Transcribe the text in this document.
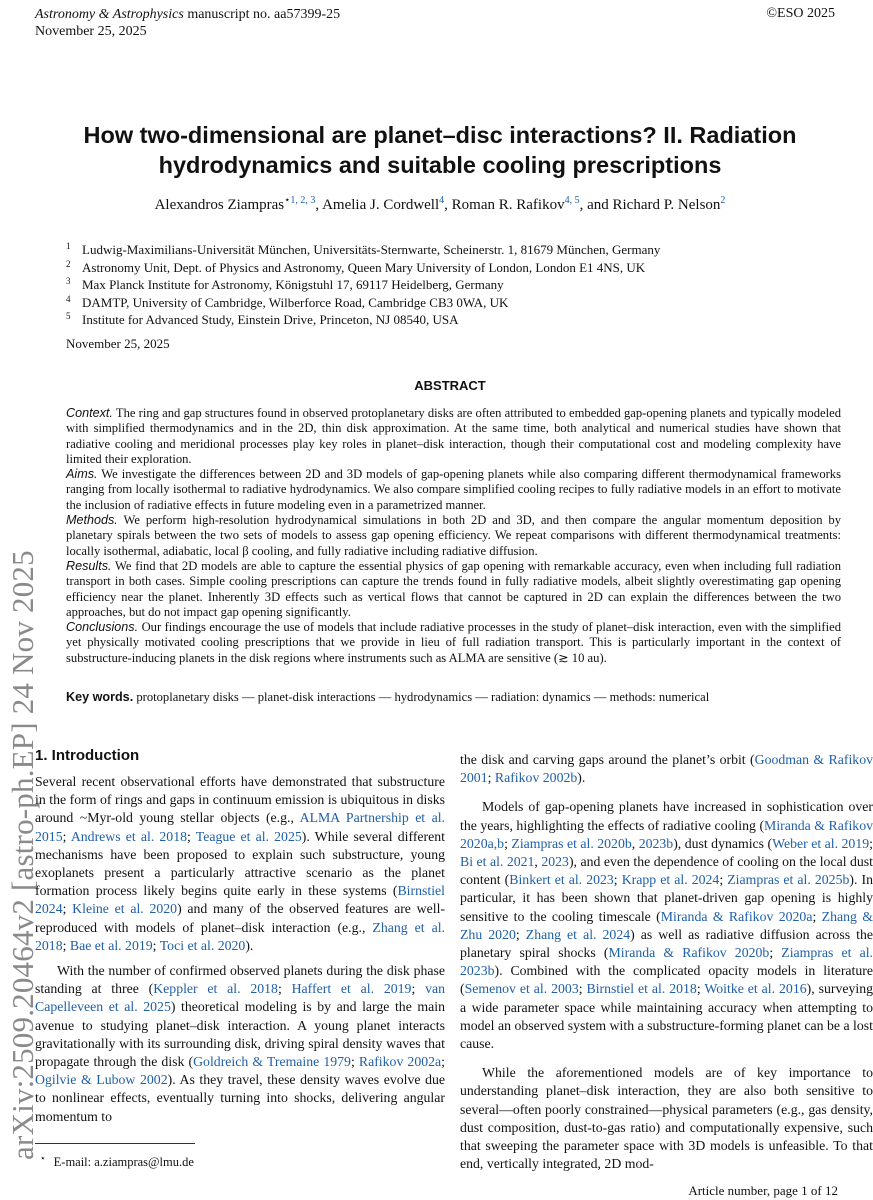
Astronomy & Astrophysics manuscript no. aa57399-25
November 25, 2025
©ESO 2025
How two-dimensional are planet–disc interactions? II. Radiation
hydrodynamics and suitable cooling prescriptions
Alexandros Ziampras$^{⋆1, 2, 3}$, Amelia J. Cordwell$^4$, Roman R. Rafikov$^{4, 5}$, and Richard P. Nelson$^2$
1 Ludwig-Maximilians-Universität München, Universitäts-Sternwarte, Scheinerstr. 1, 81679 München, Germany
2 Astronomy Unit, Dept. of Physics and Astronomy, Queen Mary University of London, London E1 4NS, UK
3 Max Planck Institute for Astronomy, Königstuhl 17, 69117 Heidelberg, Germany
4 DAMTP, University of Cambridge, Wilberforce Road, Cambridge CB3 0WA, UK
5 Institute for Advanced Study, Einstein Drive, Princeton, NJ 08540, USA
November 25, 2025
ABSTRACT

Context. The ring and gap structures found in observed protoplanetary disks are often attributed to embedded gap-opening planets and typically modeled with simplified thermodynamics and in the 2D, thin disk approximation. At the same time, both analytical and numerical studies have shown that radiative cooling and meridional processes play key roles in planet–disk interaction, though their computational cost and modeling complexity have limited their exploration.

Aims. We investigate the differences between 2D and 3D models of gap-opening planets while also comparing different thermodynamical frameworks ranging from locally isothermal to radiative hydrodynamics. We also compare simplified cooling recipes to fully radiative models in an effort to motivate the inclusion of radiative effects in future modeling even in a parametrized manner.

Methods. We perform high-resolution hydrodynamical simulations in both 2D and 3D, and then compare the angular momentum deposition by planetary spirals between the two sets of models to assess gap opening efficiency. We repeat comparisons with different thermodynamical treatments: locally isothermal, adiabatic, local β cooling, and fully radiative including radiative diffusion.

Results. We find that 2D models are able to capture the essential physics of gap opening with remarkable accuracy, even when including full radiation transport in both cases. Simple cooling prescriptions can capture the trends found in fully radiative models, albeit slightly overestimating gap opening efficiency near the planet. Inherently 3D effects such as vertical flows that cannot be captured in 2D can explain the differences between the two approaches, but do not impact gap opening significantly.

Conclusions. Our findings encourage the use of models that include radiative processes in the study of planet–disk interaction, even with the simplified yet physically motivated cooling prescriptions that we provide in lieu of full radiation transport. This is particularly important in the context of substructure-inducing planets in the disk regions where instruments such as ALMA are sensitive (≳ 10 au).

Key words. protoplanetary disks — planet-disk interactions — hydrodynamics — radiation: dynamics — methods: numerical
arXiv:2509.20464v2 [astro-ph.EP] 24 Nov 2025
1. Introduction

Several recent observational efforts have demonstrated that substructure in the form of rings and gaps in continuum emission is ubiquitous in disks around ~Myr-old young stellar objects (e.g., ALMA Partnership et al. 2015; Andrews et al. 2018; Teague et al. 2025). While several different mechanisms have been proposed to explain such substructure, young exoplanets present a particularly attractive scenario as the planet formation process likely begins quite early in these systems (Birnstiel 2024; Kleine et al. 2020) and many of the observed features are well-reproduced with models of planet–disk interaction (e.g., Zhang et al. 2018; Bae et al. 2019; Toci et al. 2020).

With the number of confirmed observed planets during the disk phase standing at three (Keppler et al. 2018; Haffert et al. 2019; van Capelleveen et al. 2025) theoretical modeling is by and large the main avenue to studying planet–disk interaction. A young planet interacts gravitationally with its surrounding disk, driving spiral density waves that propagate through the disk (Goldreich & Tremaine 1979; Rafikov 2002a; Ogilvie & Lubow 2002). As they travel, these density waves evolve due to nonlinear effects, eventually turning into shocks, delivering angular momentum to

the disk and carving gaps around the planet’s orbit (Goodman & Rafikov 2001; Rafikov 2002b).

Models of gap-opening planets have increased in sophistication over the years, highlighting the effects of radiative cooling (Miranda & Rafikov 2020a,b; Ziampras et al. 2020b, 2023b), dust dynamics (Weber et al. 2019; Bi et al. 2021, 2023), and even the dependence of cooling on the local dust content (Binkert et al. 2023; Krapp et al. 2024; Ziampras et al. 2025b). In particular, it has been shown that planet-driven gap opening is highly sensitive to the cooling timescale (Miranda & Rafikov 2020a; Zhang & Zhu 2020; Zhang et al. 2024) as well as radiative diffusion across the planetary spiral shocks (Miranda & Rafikov 2020b; Ziampras et al. 2023b). Combined with the complicated opacity models in literature (Semenov et al. 2003; Birnstiel et al. 2018; Woitke et al. 2016), surveying a wide parameter space while maintaining accuracy when attempting to model an observed system with a substructure-forming planet can be a lost cause.

While the aforementioned models are of key importance to understanding planet–disk interaction, they are also both sensitive to several—often poorly constrained—physical parameters (e.g., gas density, dust composition, dust-to-gas ratio) and computationally expensive, such that sweeping the parameter space with 3D models is unfeasible. To that end, vertically integrated, 2D mod-

⋆ E-mail: a.ziampras@lmu.de
Article number, page 1 of 12
